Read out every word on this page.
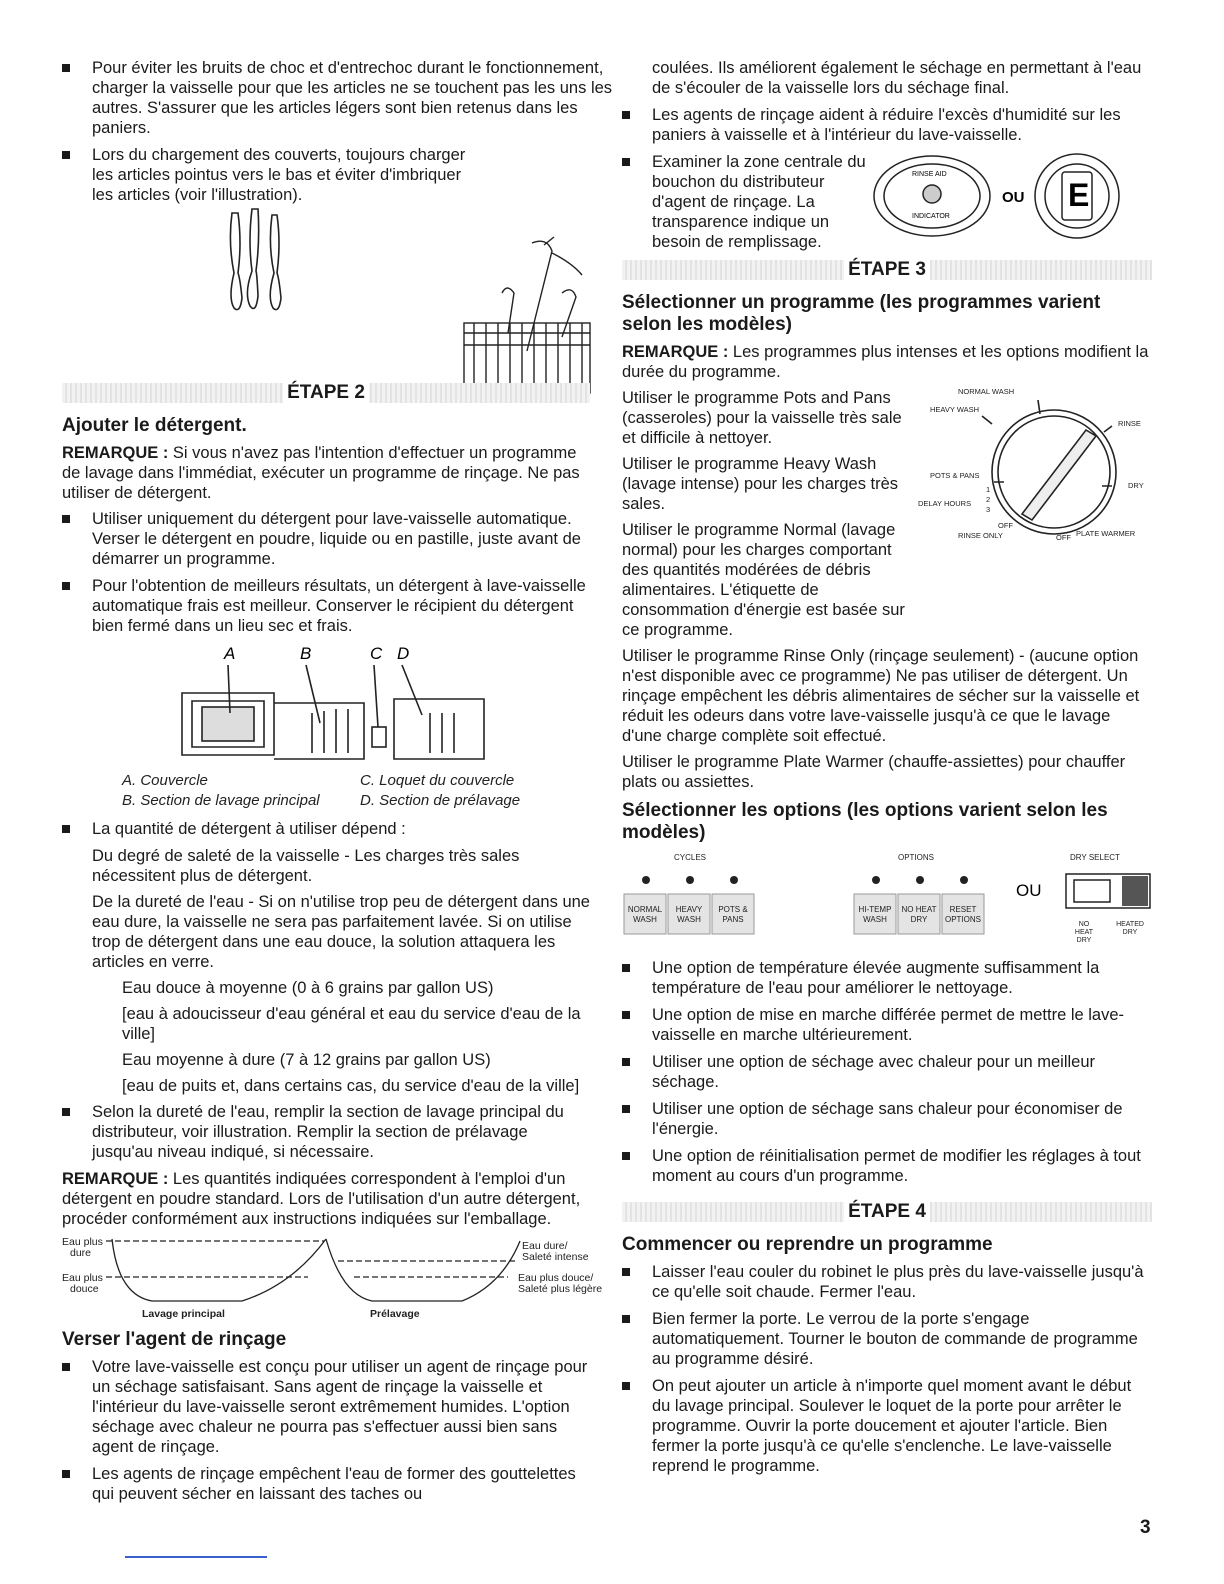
Pour éviter les bruits de choc et d'entrechoc durant le fonctionnement, charger la vaisselle pour que les articles ne se touchent pas les uns les autres. S'assurer que les articles légers sont bien retenus dans les paniers.
Lors du chargement des couverts, toujours charger les articles pointus vers le bas et éviter d'imbriquer les articles (voir l'illustration).
ÉTAPE 2
Ajouter le détergent.

REMARQUE : Si vous n'avez pas l'intention d'effectuer un programme de lavage dans l'immédiat, exécuter un programme de rinçage. Ne pas utiliser de détergent.

Utiliser uniquement du détergent pour lave-vaisselle automatique. Verser le détergent en poudre, liquide ou en pastille, juste avant de démarrer un programme.
Pour l'obtention de meilleurs résultats, un détergent à lave-vaisselle automatique frais est meilleur. Conserver le récipient du détergent bien fermé dans un lieu sec et frais.
A	B	C D
A. Couvercle	C. Loquet du couvercle
B. Section de lavage principal	D. Section de prélavage
La quantité de détergent à utiliser dépend :

Du degré de saleté de la vaisselle - Les charges très sales nécessitent plus de détergent.

De la dureté de l'eau - Si on n'utilise trop peu de détergent dans une eau dure, la vaisselle ne sera pas parfaitement lavée. Si on utilise trop de détergent dans une eau douce, la solution attaquera les articles en verre.

Eau douce à moyenne (0 à 6 grains par gallon US)

[eau à adoucisseur d'eau général et eau du service d'eau de la ville]

Eau moyenne à dure (7 à 12 grains par gallon US)

[eau de puits et, dans certains cas, du service d'eau de la ville]

Selon la dureté de l'eau, remplir la section de lavage principal du distributeur, voir illustration. Remplir la section de prélavage jusqu'au niveau indiqué, si nécessaire.

REMARQUE : Les quantités indiquées correspondent à l'emploi d'un détergent en poudre standard. Lors de l'utilisation d'un autre détergent, procéder conformément aux instructions indiquées sur l'emballage.

Eau plus
dure
Eau plus
douce
Eau dure/
Saleté intense
Eau plus douce/
Saleté plus légère
Lavage principal	Prélavage
Verser l'agent de rinçage
Votre lave-vaisselle est conçu pour utiliser un agent de rinçage pour un séchage satisfaisant. Sans agent de rinçage la vaisselle et l'intérieur du lave-vaisselle seront extrêmement humides. L'option séchage avec chaleur ne pourra pas s'effectuer aussi bien sans agent de rinçage.
Les agents de rinçage empêchent l'eau de former des gouttelettes qui peuvent sécher en laissant des taches ou

coulées. Ils améliorent également le séchage en permettant à l'eau de s'écouler de la vaisselle lors du séchage final.

Les agents de rinçage aident à réduire l'excès d'humidité sur les paniers à vaisselle et à l'intérieur du lave-vaisselle.
Examiner la zone centrale du bouchon du distributeur d'agent de rinçage. La transparence indique un besoin de remplissage.
RINSE AID
INDICATOR
E
OU
ÉTAPE 3
Sélectionner un programme (les programmes varient selon les modèles)

REMARQUE : Les programmes plus intenses et les options modifient la durée du programme.

NORMAL WASH
HEAVY WASH
RINSE
POTS & PANS
DRY
DELAY HOURS
1
2
3
OFF
RINSE ONLY	OFF PLATE WARMER

Utiliser le programme Pots and Pans (casseroles) pour la vaisselle très sale et difficile à nettoyer.

Utiliser le programme Heavy Wash (lavage intense) pour les charges très sales.

Utiliser le programme Normal (lavage normal) pour les charges comportant des quantités modérées de débris alimentaires. L'étiquette de consommation d'énergie est basée sur ce programme.

Utiliser le programme Rinse Only (rinçage seulement) - (aucune option n'est disponible avec ce programme) Ne pas utiliser de détergent. Un rinçage empêchent les débris alimentaires de sécher sur la vaisselle et réduit les odeurs dans votre lave-vaisselle jusqu'à ce que le lavage d'une charge complète soit effectué.

Utiliser le programme Plate Warmer (chauffe-assiettes) pour chauffer plats ou assiettes.

Sélectionner les options (les options varient selon les modèles)
CYCLES	OPTIONS	DRY SELECT
NORMAL
WASH
HEAVY
WASH
POTS &
PANS
HI-TEMP
WASH
NO HEAT
DRY
RESET
OPTIONS
OU
NO
HEAT
DRY
HEATED
DRY
Une option de température élevée augmente suffisamment la température de l'eau pour améliorer le nettoyage.
Une option de mise en marche différée permet de mettre le lave-vaisselle en marche ultérieurement.
Utiliser une option de séchage avec chaleur pour un meilleur séchage.
Utiliser une option de séchage sans chaleur pour économiser de l'énergie.
Une option de réinitialisation permet de modifier les réglages à tout moment au cours d'un programme.
ÉTAPE 4
Commencer ou reprendre un programme
Laisser l'eau couler du robinet le plus près du lave-vaisselle jusqu'à ce qu'elle soit chaude. Fermer l'eau.
Bien fermer la porte. Le verrou de la porte s'engage automatiquement. Tourner le bouton de commande de programme au programme désiré.
On peut ajouter un article à n'importe quel moment avant le début du lavage principal. Soulever le loquet de la porte pour arrêter le programme. Ouvrir la porte doucement et ajouter l'article. Bien fermer la porte jusqu'à ce qu'elle s'enclenche. Le lave-vaisselle reprend le programme.
3
